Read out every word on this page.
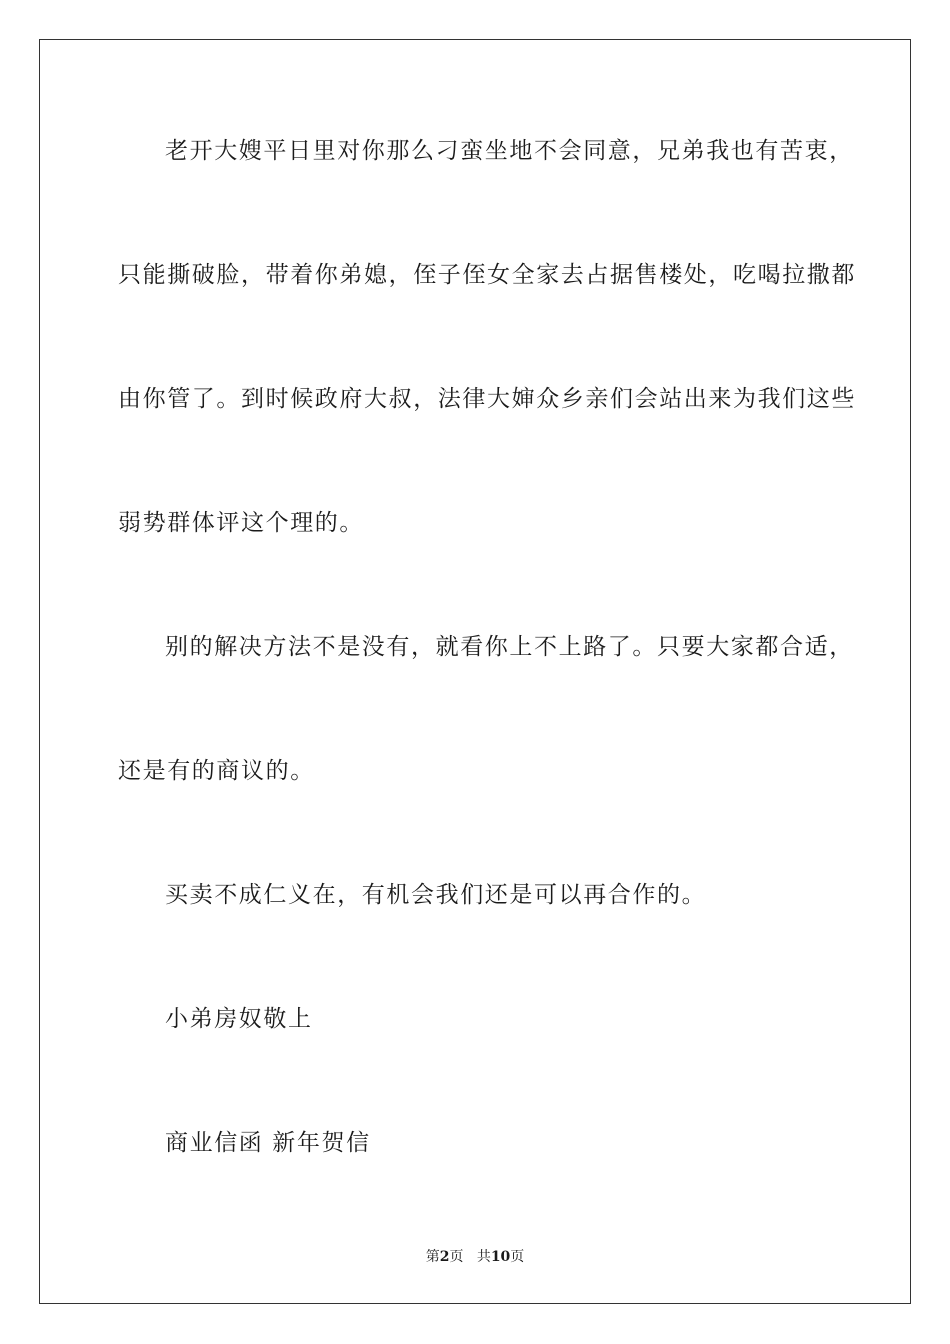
老开大嫂平日里对你那么刁蛮坐地不会同意，兄弟我也有苦衷，
只能撕破脸，带着你弟媳，侄子侄女全家去占据售楼处，吃喝拉撒都
由你管了。到时候政府大叔，法律大婶众乡亲们会站出来为我们这些
弱势群体评这个理的。
别的解决方法不是没有，就看你上不上路了。只要大家都合适，
还是有的商议的。
买卖不成仁义在，有机会我们还是可以再合作的。
小弟房奴敬上
商业信函 新年贺信
第2页 共10页
